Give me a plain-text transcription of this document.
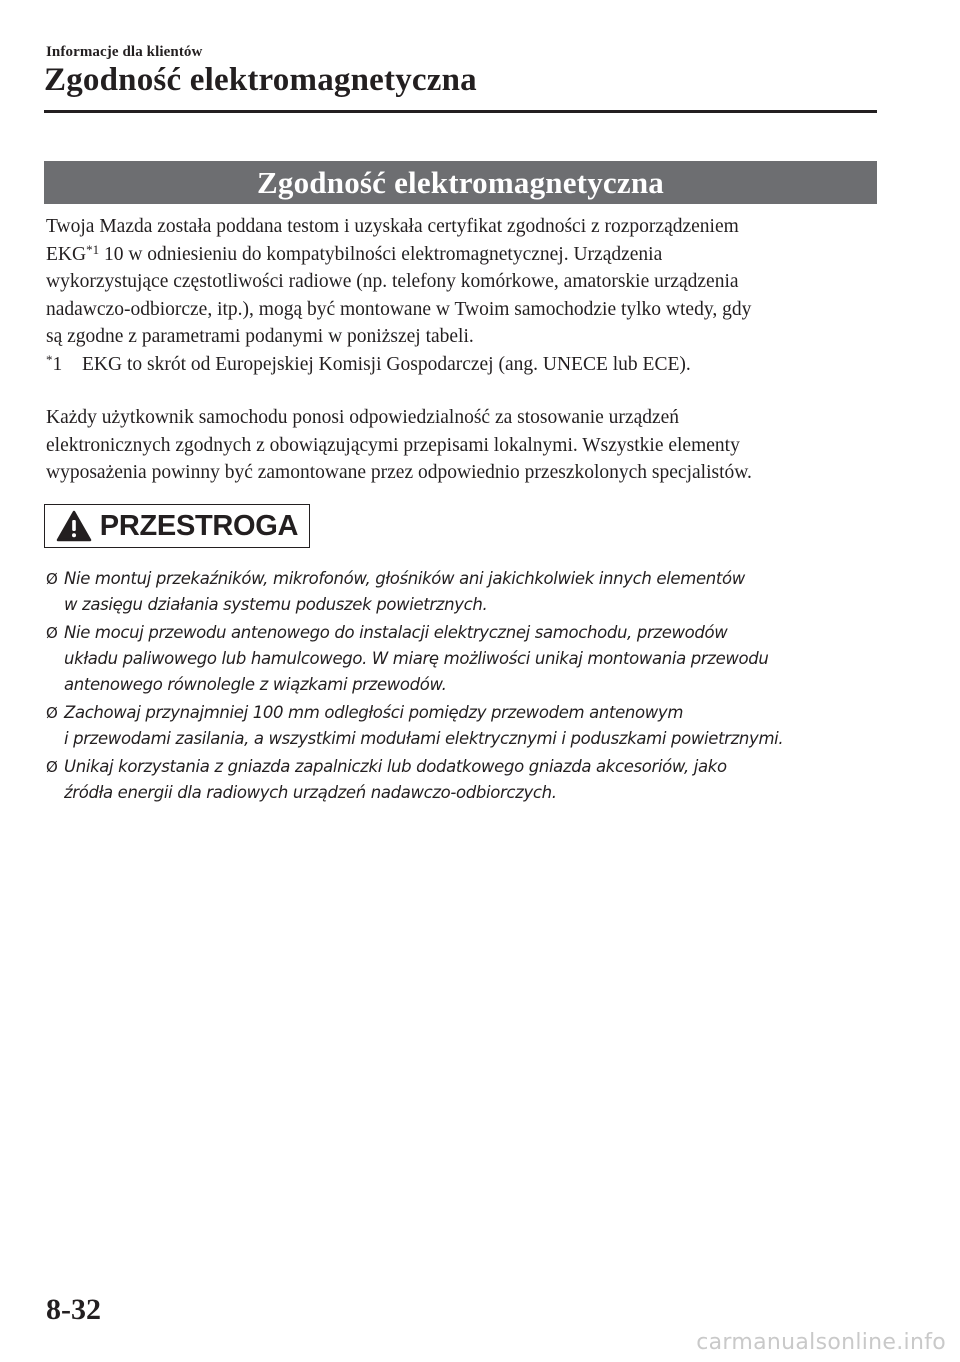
Informacje dla klientów
Zgodność elektromagnetyczna
Zgodność elektromagnetyczna

Twoja Mazda została poddana testom i uzyskała certyfikat zgodności z rozporządzeniem

EKG$^{*1}$ 10 w odniesieniu do kompatybilności elektromagnetycznej. Urządzenia

wykorzystujące częstotliwości radiowe (np. telefony komórkowe, amatorskie urządzenia

nadawczo-odbiorcze, itp.), mogą być montowane w Twoim samochodzie tylko wtedy, gdy

są zgodne z parametrami podanymi w poniższej tabeli.

*1 EKG to skrót od Europejskiej Komisji Gospodarczej (ang. UNECE lub ECE).

Każdy użytkownik samochodu ponosi odpowiedzialność za stosowanie urządzeń

elektronicznych zgodnych z obowiązującymi przepisami lokalnymi. Wszystkie elementy

wyposażenia powinny być zamontowane przez odpowiednio przeszkolonych specjalistów.

PRZESTROGA
Ø Nie montuj przekaźników, mikrofonów, głośników ani jakichkolwiek innych elementów
w zasięgu działania systemu poduszek powietrznych.
Ø Nie mocuj przewodu antenowego do instalacji elektrycznej samochodu, przewodów
układu paliwowego lub hamulcowego. W miarę możliwości unikaj montowania przewodu
antenowego równolegle z wiązkami przewodów.
Ø Zachowaj przynajmniej 100 mm odległości pomiędzy przewodem antenowym
i przewodami zasilania, a wszystkimi modułami elektrycznymi i poduszkami powietrznymi.
Ø Unikaj korzystania z gniazda zapalniczki lub dodatkowego gniazda akcesoriów, jako
źródła energii dla radiowych urządzeń nadawczo-odbiorczych.
8-32
carmanualsonline.info
